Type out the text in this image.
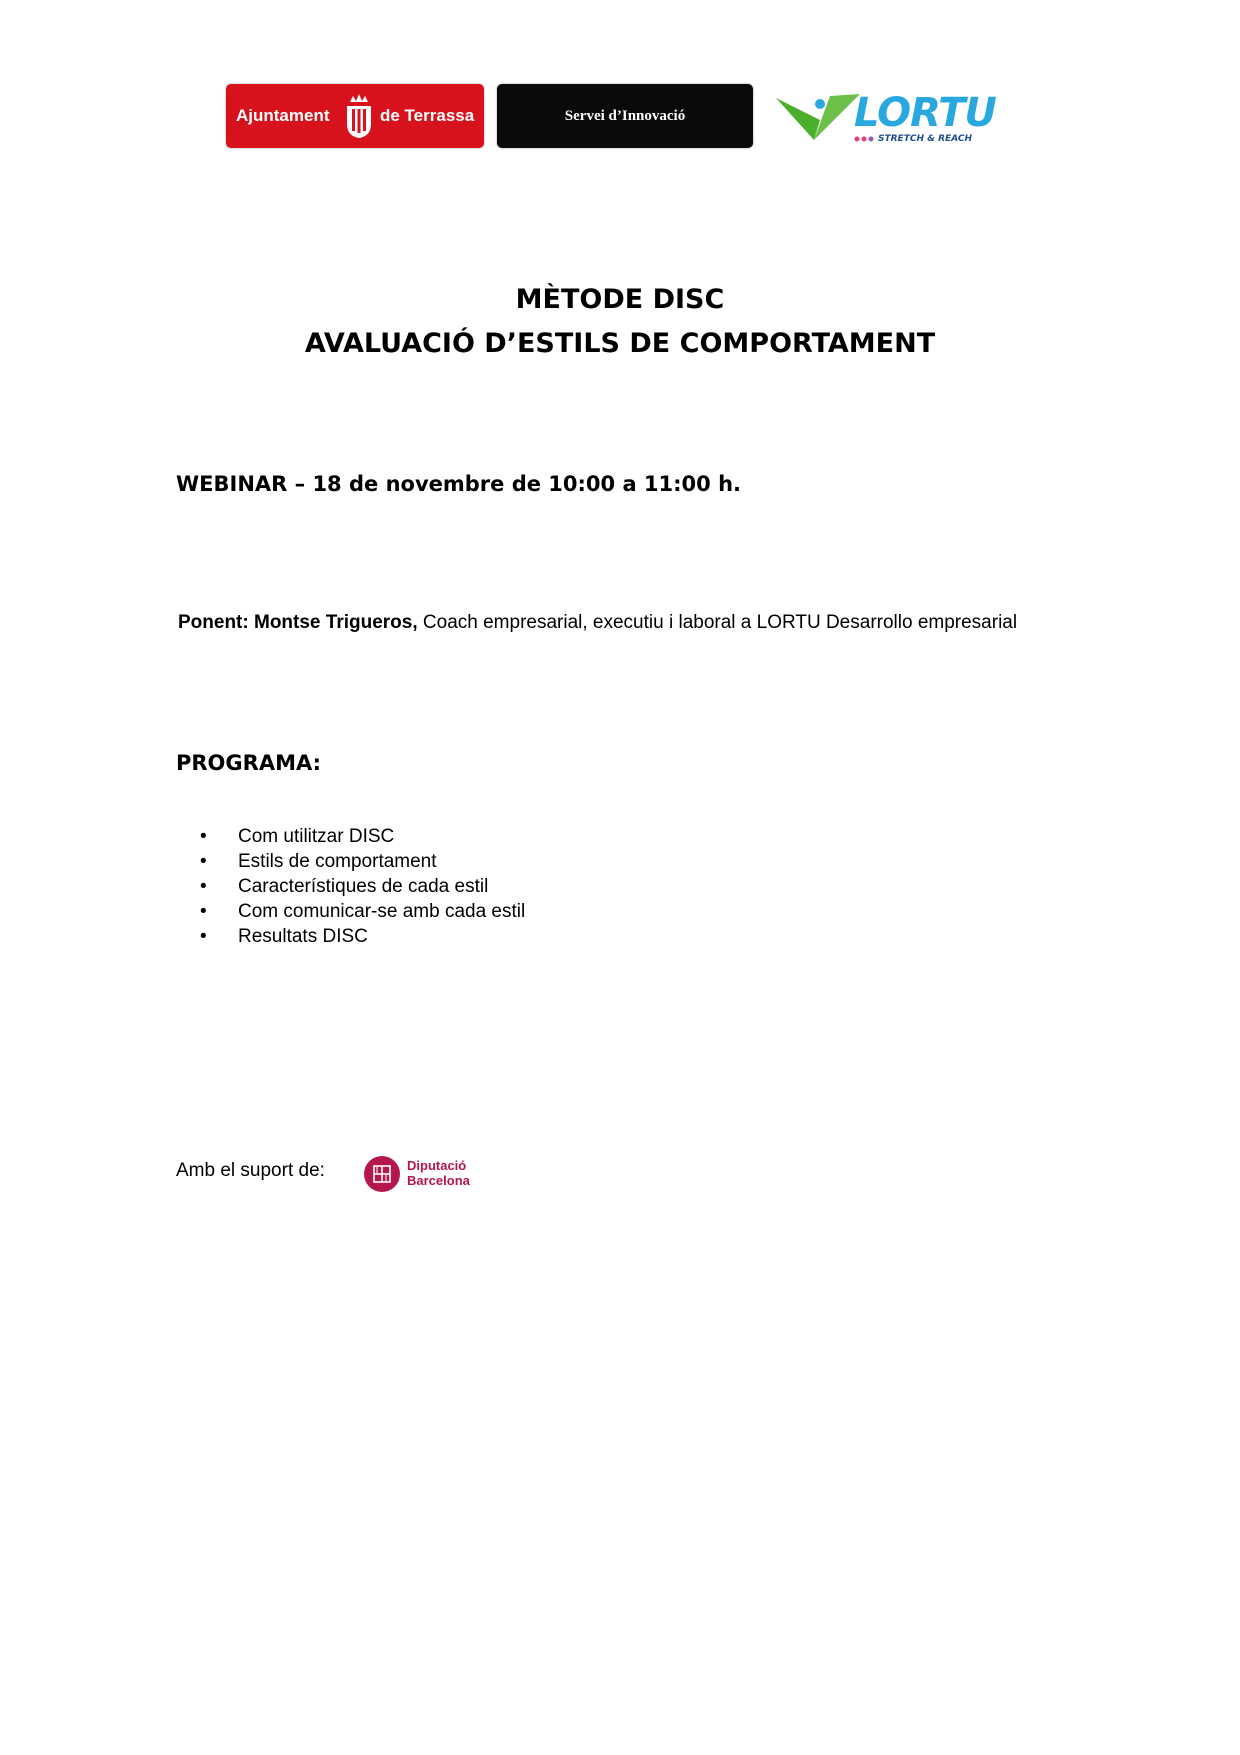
Ajuntament	de Terrassa	Servei d’Innovació	LORTU
STRETCH & REACH
MÈTODE DISC
AVALUACIÓ D’ESTILS DE COMPORTAMENT
WEBINAR – 18 de novembre de 10:00 a 11:00 h.
Ponent: Montse Trigueros, Coach empresarial, executiu i laboral a LORTU Desarrollo empresarial
PROGRAMA:
• Com utilitzar DISC
• Estils de comportament
• Característiques de cada estil
• Com comunicar-se amb cada estil
• Resultats DISC
Amb el suport de:	Diputació
Barcelona
